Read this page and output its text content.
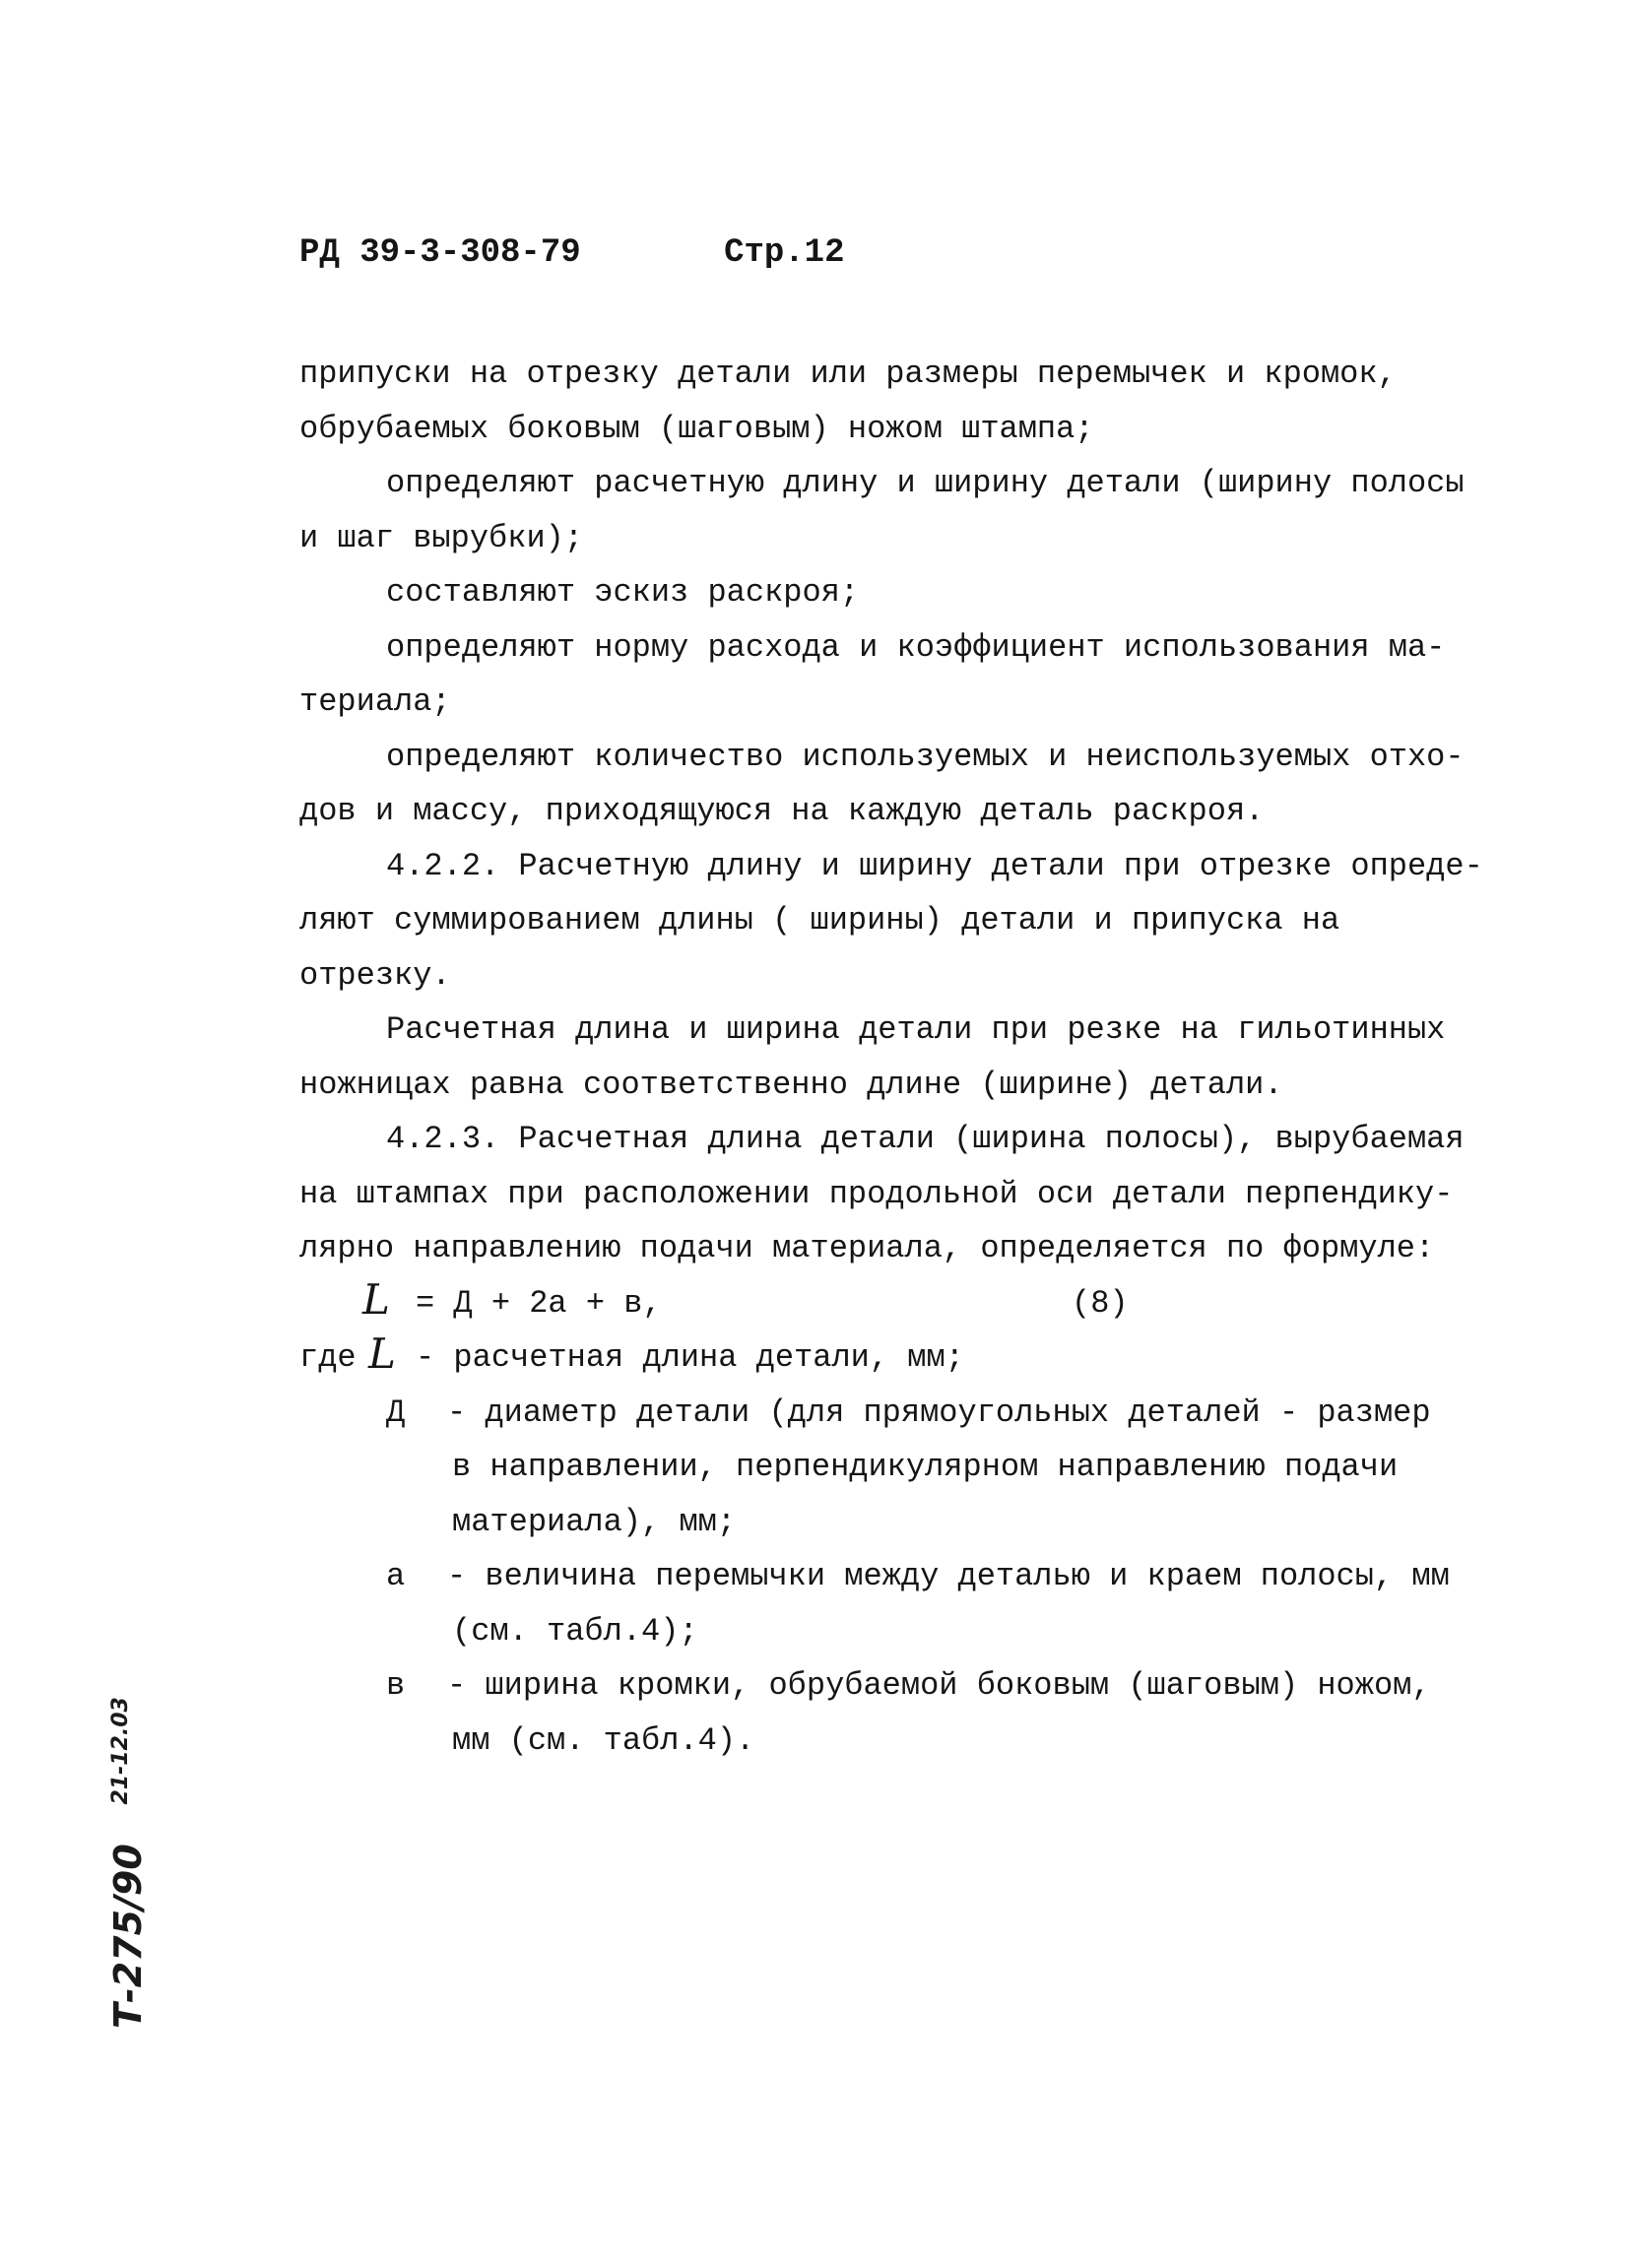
РД 39-3-308-79	Стр.12
припуски на отрезку детали или размеры перемычек и кромок,
обрубаемых боковым (шаговым) ножом штампа;
определяют расчетную длину и ширину детали (ширину полосы
и шаг вырубки);
составляют эскиз раскроя;
определяют норму расхода и коэффициент использования ма-
териала;
определяют количество используемых и неиспользуемых отхо-
дов и массу, приходящуюся на каждую деталь раскроя.
4.2.2. Расчетную длину и ширину детали при отрезке опреде-
ляют суммированием длины ( ширины) детали и припуска на
отрезку.
Расчетная длина и ширина детали при резке на гильотинных
ножницах равна соответственно длине (ширине) детали.
4.2.3. Расчетная длина детали (ширина полосы), вырубаемая
на штампах при расположении продольной оси детали перпендику-
лярно направлению подачи материала, определяется по формуле:
L = Д + 2а + в,	(8)
где L - расчетная длина детали, мм;
Д - диаметр детали (для прямоугольных деталей - размер
в направлении, перпендикулярном направлению подачи
материала), мм;
а - величина перемычки между деталью и краем полосы, мм
(см. табл.4);
в - ширина кромки, обрубаемой боковым (шаговым) ножом,
мм (см. табл.4).
Т-275/90   $^{21-12.03}$
